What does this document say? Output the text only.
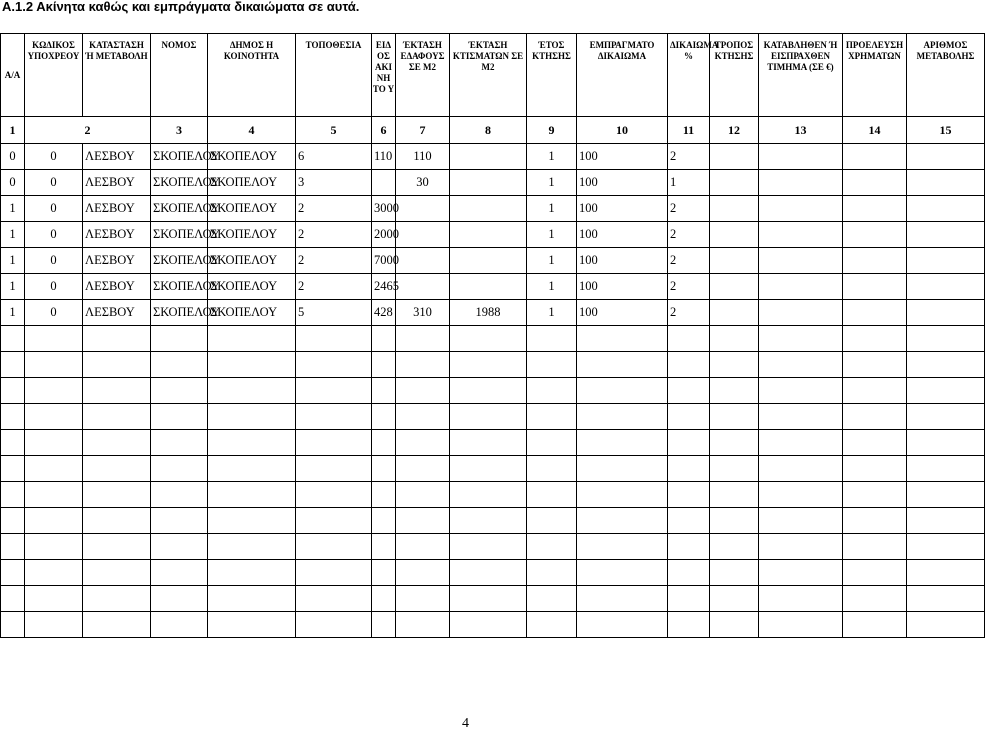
Α.1.2 Ακίνητα καθώς και εμπράγματα δικαιώματα σε αυτά.
Α/Α	ΚΩΔΙΚΟΣ ΥΠΟΧΡΕΟΥ	ΚΑΤΑΣΤΑΣΗ Ή ΜΕΤΑΒΟΛΗ	ΝΟΜΟΣ	ΔΗΜΟΣ Η ΚΟΙΝΟΤΗΤΑ	ΤΟΠΟΘΕΣΙΑ	ΕΙΔ ΟΣ ΑΚΙ ΝΗ ΤΟ Υ	ΈΚΤΑΣΗ ΕΔΑΦΟΥΣ ΣΕ Μ2	ΈΚΤΑΣΗ ΚΤΙΣΜΑΤΩΝ ΣΕ Μ2	ΈΤΟΣ ΚΤΗΣΗΣ	ΕΜΠΡΑΓΜΑΤΟ ΔΙΚΑΙΩΜΑ	ΔΙΚΑΙΩΜΑ %	ΤΡΟΠΟΣ ΚΤΗΣΗΣ	ΚΑΤΑΒΛΗΘΕΝ Ή ΕΙΣΠΡΑΧΘΕΝ ΤΙΜΗΜΑ (ΣΕ €)	ΠΡΟΕΛΕΥΣΗ ΧΡΗΜΑΤΩΝ	ΑΡΙΘΜΟΣ ΜΕΤΑΒΟΛΗΣ
1	2		3	4	5	6	7	8	9	10	11	12	13	14	15
0	0	ΛΕΣΒΟΥ	ΣΚΟΠΕΛΟΥ	ΣΚΟΠΕΛΟΥ	6	110	110		1	100	2				
0	0	ΛΕΣΒΟΥ	ΣΚΟΠΕΛΟΥ	ΣΚΟΠΕΛΟΥ	3		30		1	100	1				
1	0	ΛΕΣΒΟΥ	ΣΚΟΠΕΛΟΥ	ΣΚΟΠΕΛΟΥ	2	3000			1	100	2				
1	0	ΛΕΣΒΟΥ	ΣΚΟΠΕΛΟΥ	ΣΚΟΠΕΛΟΥ	2	2000			1	100	2				
1	0	ΛΕΣΒΟΥ	ΣΚΟΠΕΛΟΥ	ΣΚΟΠΕΛΟΥ	2	7000			1	100	2				
1	0	ΛΕΣΒΟΥ	ΣΚΟΠΕΛΟΥ	ΣΚΟΠΕΛΟΥ	2	2465			1	100	2				
1	0	ΛΕΣΒΟΥ	ΣΚΟΠΕΛΟΥ	ΣΚΟΠΕΛΟΥ	5	428	310	1988	1	100	2				

4
